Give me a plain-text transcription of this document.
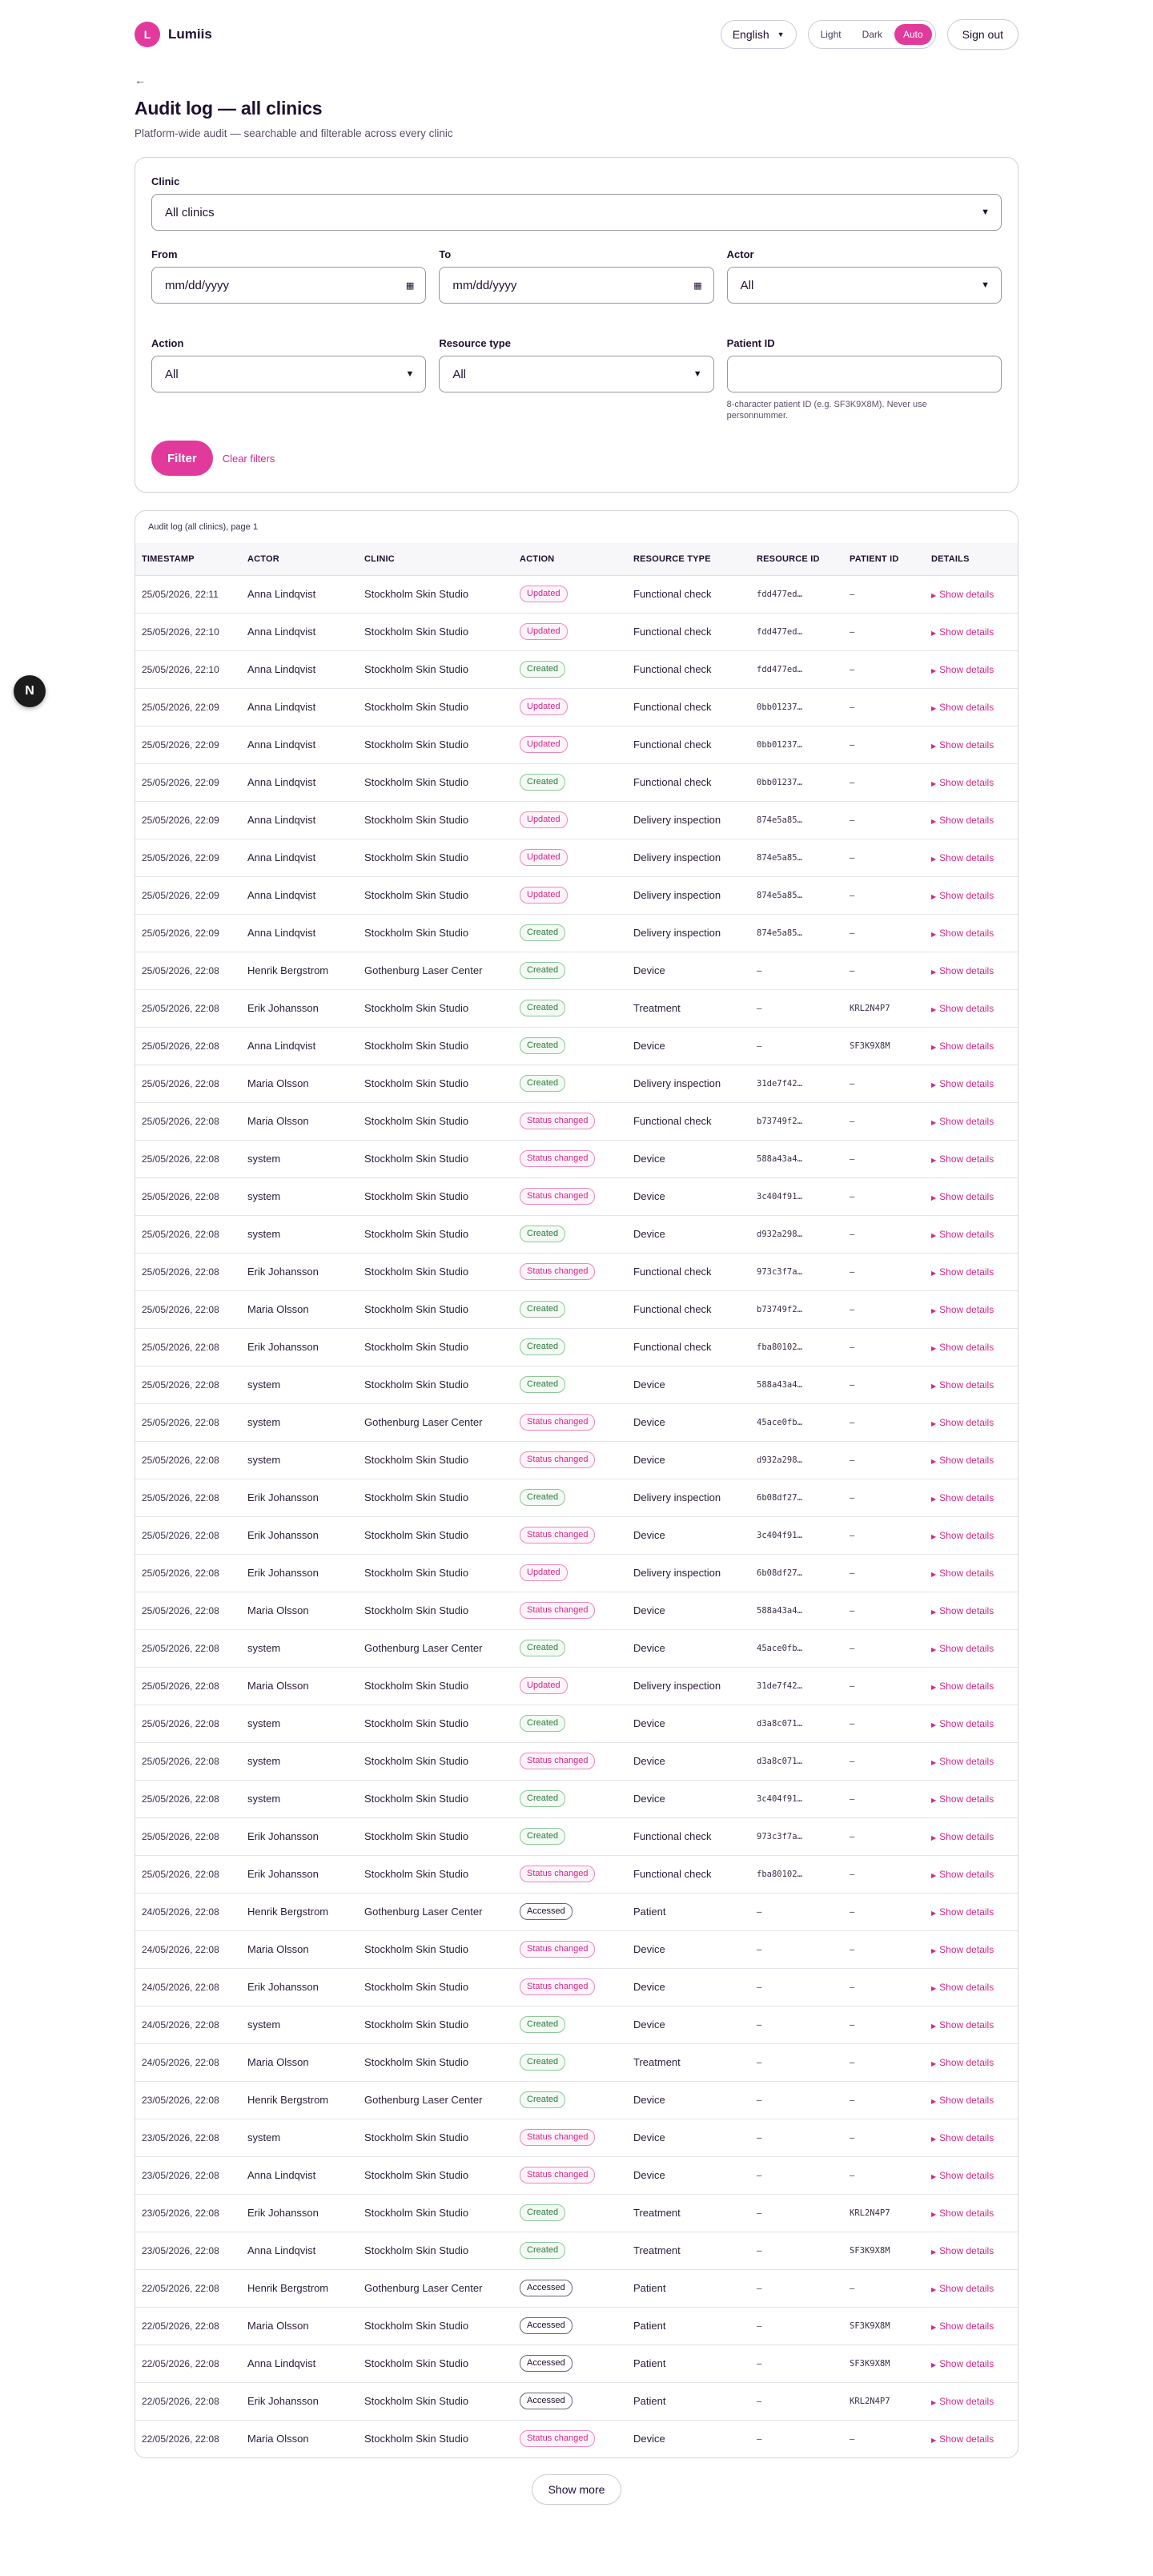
L	Lumiis	English ▼	Light	Dark	Auto	Sign out
←
Audit log — all clinics
Platform-wide audit — searchable and filterable across every clinic
Clinic
All clinics	▼
From
mm/dd/yyyy	▦
To
mm/dd/yyyy	▦
Actor
All	▼
Action
All	▼
Resource type
All	▼
Patient ID
8-character patient ID (e.g. SF3K9X8M). Never use personnummer.
Filter	Clear filters
Audit log (all clinics), page 1
TIMESTAMP	ACTOR	CLINIC	ACTION	RESOURCE TYPE	RESOURCE ID	PATIENT ID	DETAILS
25/05/2026, 22:11	Anna Lindqvist	Stockholm Skin Studio	Updated	Functional check	fdd477ed…	—	▶ Show details
25/05/2026, 22:10	Anna Lindqvist	Stockholm Skin Studio	Updated	Functional check	fdd477ed…	—	▶ Show details
25/05/2026, 22:10	Anna Lindqvist	Stockholm Skin Studio	Created	Functional check	fdd477ed…	—	▶ Show details
25/05/2026, 22:09	Anna Lindqvist	Stockholm Skin Studio	Updated	Functional check	0bb01237…	—	▶ Show details
25/05/2026, 22:09	Anna Lindqvist	Stockholm Skin Studio	Updated	Functional check	0bb01237…	—	▶ Show details
25/05/2026, 22:09	Anna Lindqvist	Stockholm Skin Studio	Created	Functional check	0bb01237…	—	▶ Show details
25/05/2026, 22:09	Anna Lindqvist	Stockholm Skin Studio	Updated	Delivery inspection	874e5a85…	—	▶ Show details
25/05/2026, 22:09	Anna Lindqvist	Stockholm Skin Studio	Updated	Delivery inspection	874e5a85…	—	▶ Show details
25/05/2026, 22:09	Anna Lindqvist	Stockholm Skin Studio	Updated	Delivery inspection	874e5a85…	—	▶ Show details
25/05/2026, 22:09	Anna Lindqvist	Stockholm Skin Studio	Created	Delivery inspection	874e5a85…	—	▶ Show details
25/05/2026, 22:08	Henrik Bergstrom	Gothenburg Laser Center	Created	Device	—	—	▶ Show details
25/05/2026, 22:08	Erik Johansson	Stockholm Skin Studio	Created	Treatment	—	KRL2N4P7	▶ Show details
25/05/2026, 22:08	Anna Lindqvist	Stockholm Skin Studio	Created	Device	—	SF3K9X8M	▶ Show details
25/05/2026, 22:08	Maria Olsson	Stockholm Skin Studio	Created	Delivery inspection	31de7f42…	—	▶ Show details
25/05/2026, 22:08	Maria Olsson	Stockholm Skin Studio	Status changed	Functional check	b73749f2…	—	▶ Show details
25/05/2026, 22:08	system	Stockholm Skin Studio	Status changed	Device	588a43a4…	—	▶ Show details
25/05/2026, 22:08	system	Stockholm Skin Studio	Status changed	Device	3c404f91…	—	▶ Show details
25/05/2026, 22:08	system	Stockholm Skin Studio	Created	Device	d932a298…	—	▶ Show details
25/05/2026, 22:08	Erik Johansson	Stockholm Skin Studio	Status changed	Functional check	973c3f7a…	—	▶ Show details
25/05/2026, 22:08	Maria Olsson	Stockholm Skin Studio	Created	Functional check	b73749f2…	—	▶ Show details
25/05/2026, 22:08	Erik Johansson	Stockholm Skin Studio	Created	Functional check	fba80102…	—	▶ Show details
25/05/2026, 22:08	system	Stockholm Skin Studio	Created	Device	588a43a4…	—	▶ Show details
25/05/2026, 22:08	system	Gothenburg Laser Center	Status changed	Device	45ace0fb…	—	▶ Show details
25/05/2026, 22:08	system	Stockholm Skin Studio	Status changed	Device	d932a298…	—	▶ Show details
25/05/2026, 22:08	Erik Johansson	Stockholm Skin Studio	Created	Delivery inspection	6b08df27…	—	▶ Show details
25/05/2026, 22:08	Erik Johansson	Stockholm Skin Studio	Status changed	Device	3c404f91…	—	▶ Show details
25/05/2026, 22:08	Erik Johansson	Stockholm Skin Studio	Updated	Delivery inspection	6b08df27…	—	▶ Show details
25/05/2026, 22:08	Maria Olsson	Stockholm Skin Studio	Status changed	Device	588a43a4…	—	▶ Show details
25/05/2026, 22:08	system	Gothenburg Laser Center	Created	Device	45ace0fb…	—	▶ Show details
25/05/2026, 22:08	Maria Olsson	Stockholm Skin Studio	Updated	Delivery inspection	31de7f42…	—	▶ Show details
25/05/2026, 22:08	system	Stockholm Skin Studio	Created	Device	d3a8c071…	—	▶ Show details
25/05/2026, 22:08	system	Stockholm Skin Studio	Status changed	Device	d3a8c071…	—	▶ Show details
25/05/2026, 22:08	system	Stockholm Skin Studio	Created	Device	3c404f91…	—	▶ Show details
25/05/2026, 22:08	Erik Johansson	Stockholm Skin Studio	Created	Functional check	973c3f7a…	—	▶ Show details
25/05/2026, 22:08	Erik Johansson	Stockholm Skin Studio	Status changed	Functional check	fba80102…	—	▶ Show details
24/05/2026, 22:08	Henrik Bergstrom	Gothenburg Laser Center	Accessed	Patient	—	—	▶ Show details
24/05/2026, 22:08	Maria Olsson	Stockholm Skin Studio	Status changed	Device	—	—	▶ Show details
24/05/2026, 22:08	Erik Johansson	Stockholm Skin Studio	Status changed	Device	—	—	▶ Show details
24/05/2026, 22:08	system	Stockholm Skin Studio	Created	Device	—	—	▶ Show details
24/05/2026, 22:08	Maria Olsson	Stockholm Skin Studio	Created	Treatment	—	—	▶ Show details
23/05/2026, 22:08	Henrik Bergstrom	Gothenburg Laser Center	Created	Device	—	—	▶ Show details
23/05/2026, 22:08	system	Stockholm Skin Studio	Status changed	Device	—	—	▶ Show details
23/05/2026, 22:08	Anna Lindqvist	Stockholm Skin Studio	Status changed	Device	—	—	▶ Show details
23/05/2026, 22:08	Erik Johansson	Stockholm Skin Studio	Created	Treatment	—	KRL2N4P7	▶ Show details
23/05/2026, 22:08	Anna Lindqvist	Stockholm Skin Studio	Created	Treatment	—	SF3K9X8M	▶ Show details
22/05/2026, 22:08	Henrik Bergstrom	Gothenburg Laser Center	Accessed	Patient	—	—	▶ Show details
22/05/2026, 22:08	Maria Olsson	Stockholm Skin Studio	Accessed	Patient	—	SF3K9X8M	▶ Show details
22/05/2026, 22:08	Anna Lindqvist	Stockholm Skin Studio	Accessed	Patient	—	SF3K9X8M	▶ Show details
22/05/2026, 22:08	Erik Johansson	Stockholm Skin Studio	Accessed	Patient	—	KRL2N4P7	▶ Show details
22/05/2026, 22:08	Maria Olsson	Stockholm Skin Studio	Status changed	Device	—	—	▶ Show details
Show more
N
